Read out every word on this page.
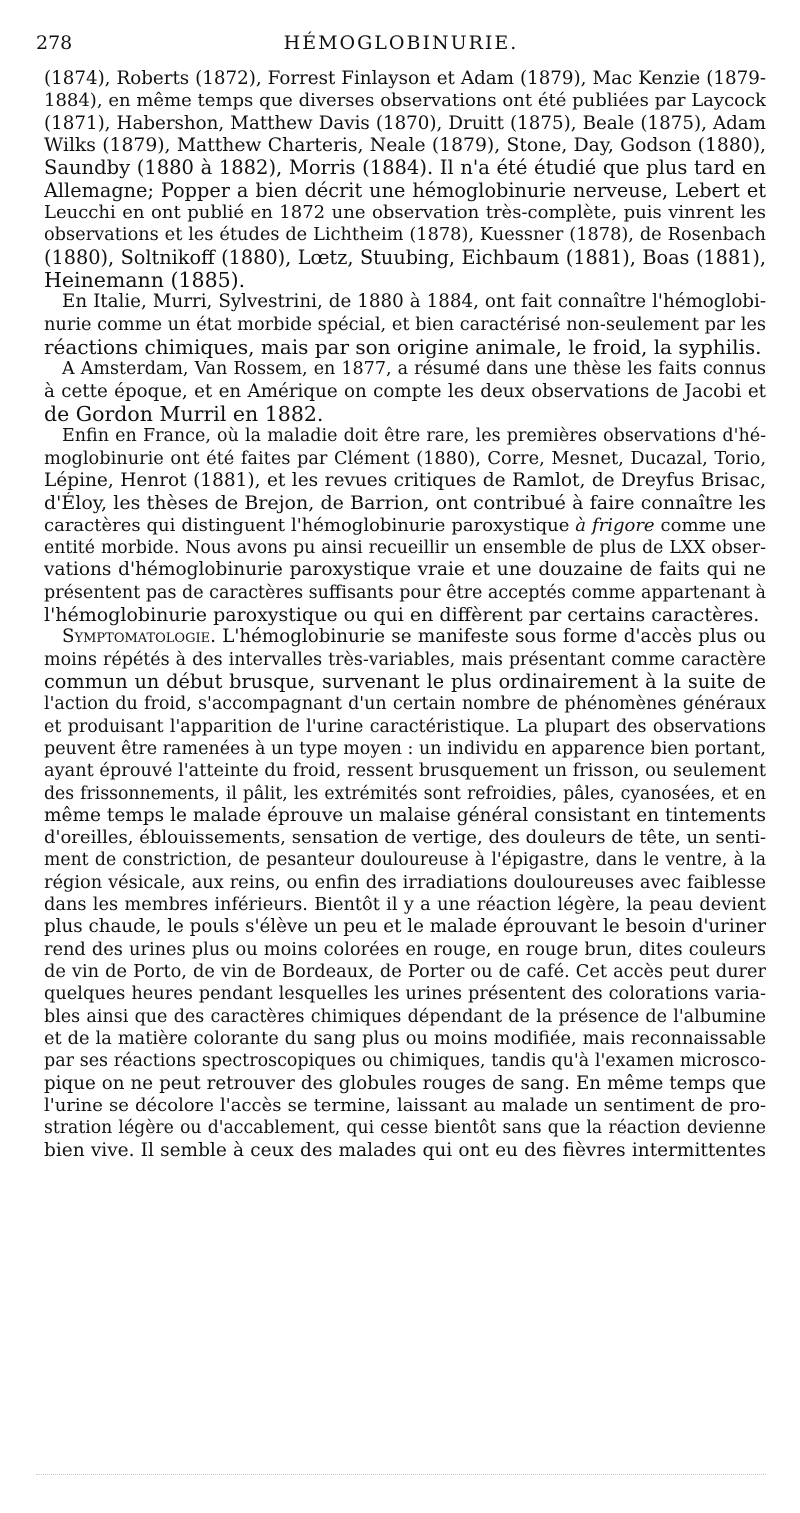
278	HÉMOGLOBINURIE.
(1874), Roberts (1872), Forrest Finlayson et Adam (1879), Mac Kenzie (1879-
1884), en même temps que diverses observations ont été publiées par Laycock
(1871), Habershon, Matthew Davis (1870), Druitt (1875), Beale (1875), Adam
Wilks (1879), Matthew Charteris, Neale (1879), Stone, Day, Godson (1880),
Saundby (1880 à 1882), Morris (1884). Il n'a été étudié que plus tard en
Allemagne; Popper a bien décrit une hémoglobinurie nerveuse, Lebert et
Leucchi en ont publié en 1872 une observation très-complète, puis vinrent les
observations et les études de Lichtheim (1878), Kuessner (1878), de Rosenbach
(1880), Soltnikoff (1880), Lœtz, Stuubing, Eichbaum (1881), Boas (1881),
Heinemann (1885).
En Italie, Murri, Sylvestrini, de 1880 à 1884, ont fait connaître l'hémoglobi-
nurie comme un état morbide spécial, et bien caractérisé non-seulement par les
réactions chimiques, mais par son origine animale, le froid, la syphilis.
A Amsterdam, Van Rossem, en 1877, a résumé dans une thèse les faits connus
à cette époque, et en Amérique on compte les deux observations de Jacobi et
de Gordon Murril en 1882.
Enfin en France, où la maladie doit être rare, les premières observations d'hé-
moglobinurie ont été faites par Clément (1880), Corre, Mesnet, Ducazal, Torio,
Lépine, Henrot (1881), et les revues critiques de Ramlot, de Dreyfus Brisac,
d'Éloy, les thèses de Brejon, de Barrion, ont contribué à faire connaître les
caractères qui distinguent l'hémoglobinurie paroxystique à frigore comme une
entité morbide. Nous avons pu ainsi recueillir un ensemble de plus de LXX obser-
vations d'hémoglobinurie paroxystique vraie et une douzaine de faits qui ne
présentent pas de caractères suffisants pour être acceptés comme appartenant à
l'hémoglobinurie paroxystique ou qui en diffèrent par certains caractères.
Symptomatologie. L'hémoglobinurie se manifeste sous forme d'accès plus ou
moins répétés à des intervalles très-variables, mais présentant comme caractère
commun un début brusque, survenant le plus ordinairement à la suite de
l'action du froid, s'accompagnant d'un certain nombre de phénomènes généraux
et produisant l'apparition de l'urine caractéristique. La plupart des observations
peuvent être ramenées à un type moyen : un individu en apparence bien portant,
ayant éprouvé l'atteinte du froid, ressent brusquement un frisson, ou seulement
des frissonnements, il pâlit, les extrémités sont refroidies, pâles, cyanosées, et en
même temps le malade éprouve un malaise général consistant en tintements
d'oreilles, éblouissements, sensation de vertige, des douleurs de tête, un senti-
ment de constriction, de pesanteur douloureuse à l'épigastre, dans le ventre, à la
région vésicale, aux reins, ou enfin des irradiations douloureuses avec faiblesse
dans les membres inférieurs. Bientôt il y a une réaction légère, la peau devient
plus chaude, le pouls s'élève un peu et le malade éprouvant le besoin d'uriner
rend des urines plus ou moins colorées en rouge, en rouge brun, dites couleurs
de vin de Porto, de vin de Bordeaux, de Porter ou de café. Cet accès peut durer
quelques heures pendant lesquelles les urines présentent des colorations varia-
bles ainsi que des caractères chimiques dépendant de la présence de l'albumine
et de la matière colorante du sang plus ou moins modifiée, mais reconnaissable
par ses réactions spectroscopiques ou chimiques, tandis qu'à l'examen microsco-
pique on ne peut retrouver des globules rouges de sang. En même temps que
l'urine se décolore l'accès se termine, laissant au malade un sentiment de pro-
stration légère ou d'accablement, qui cesse bientôt sans que la réaction devienne
bien vive. Il semble à ceux des malades qui ont eu des fièvres intermittentes
